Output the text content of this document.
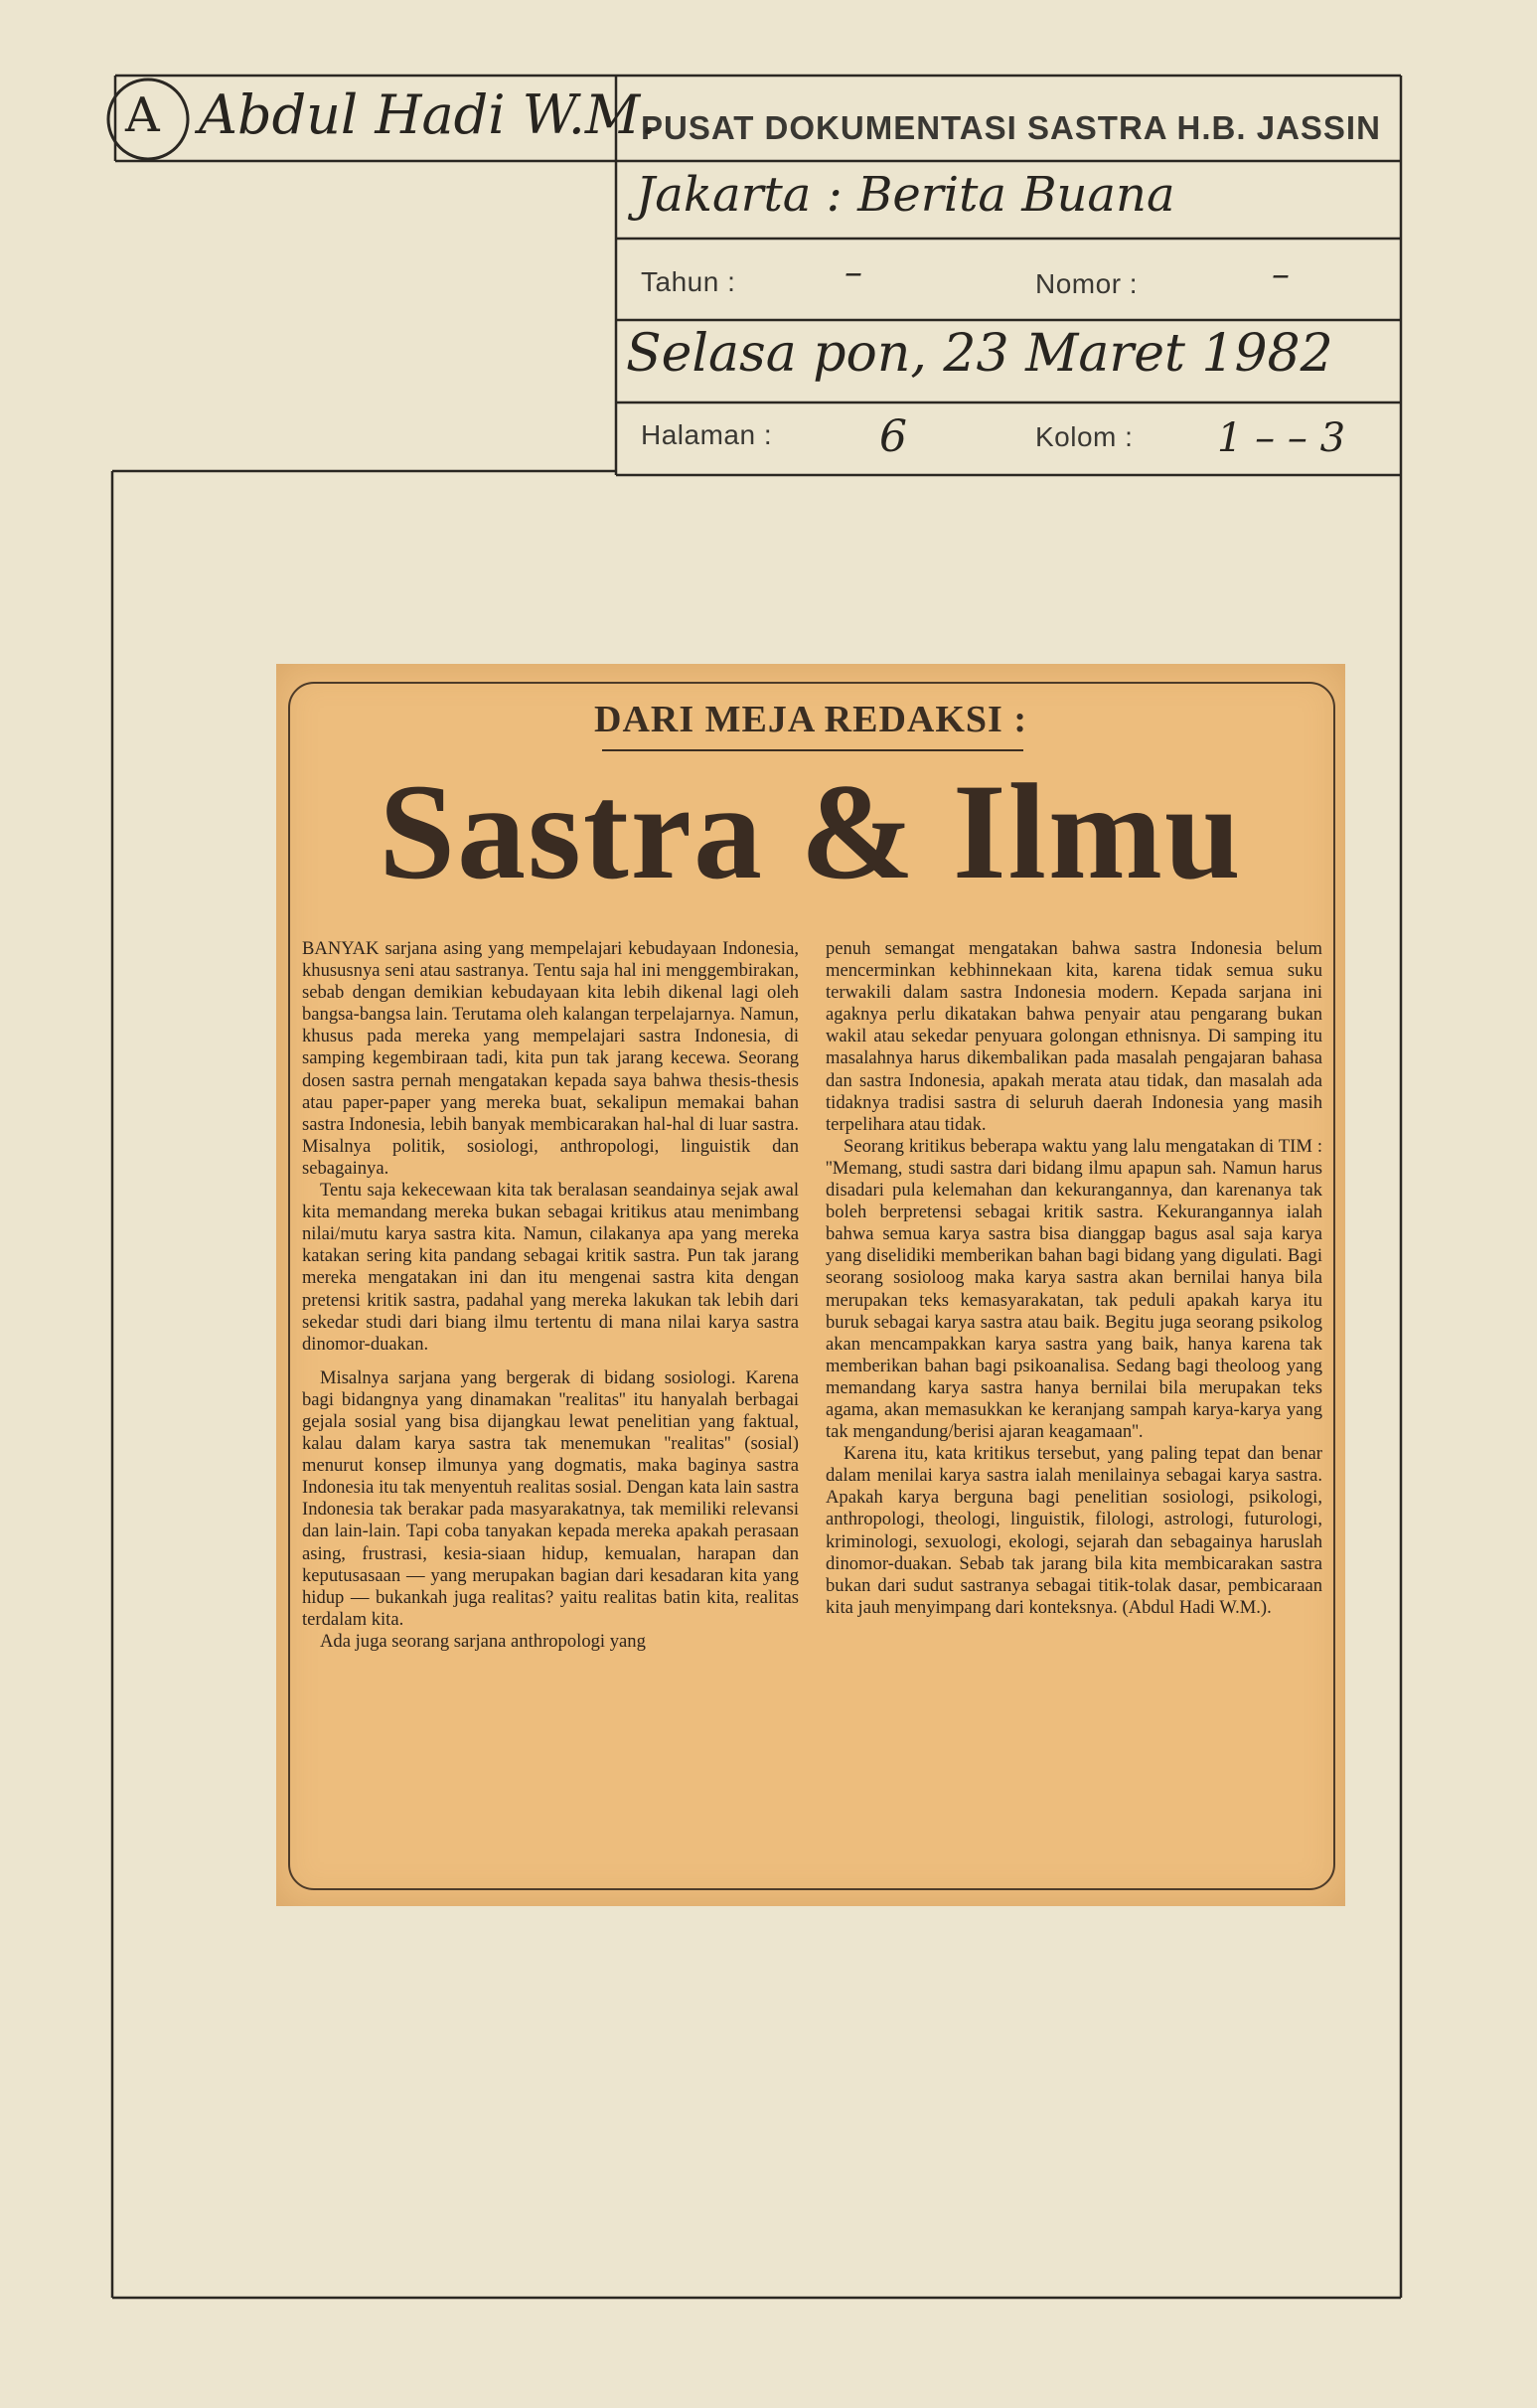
PUSAT DOKUMENTASI SASTRA H.B. JASSIN
A Abdul Hadi W.M.
Jakarta : Berita Buana
Tahun :	–	Nomor :	–
Selasa pon, 23 Maret 1982
Halaman : 6	Kolom : 1 – – 3
DARI MEJA REDAKSI :
Sastra & Ilmu

BANYAK sarjana asing yang mempelajari kebudayaan Indonesia, khususnya seni atau sastranya. Tentu saja hal ini menggembirakan, sebab dengan demikian kebudayaan kita lebih dikenal lagi oleh bangsa-bangsa lain. Terutama oleh kalangan terpelajarnya. Namun, khusus pada mereka yang mempelajari sastra Indonesia, di samping kegembiraan tadi, kita pun tak jarang kecewa. Seorang dosen sastra pernah mengatakan kepada saya bahwa thesis-thesis atau paper-paper yang mereka buat, sekalipun memakai bahan sastra Indonesia, lebih banyak membicarakan hal-hal di luar sastra. Misalnya politik, sosiologi, anthropologi, linguistik dan sebagainya.

Tentu saja kekecewaan kita tak beralasan seandainya sejak awal kita memandang mereka bukan sebagai kritikus atau menimbang nilai/mutu karya sastra kita. Namun, cilakanya apa yang mereka katakan sering kita pandang sebagai kritik sastra. Pun tak jarang mereka mengatakan ini dan itu mengenai sastra kita dengan pretensi kritik sastra, padahal yang mereka lakukan tak lebih dari sekedar studi dari biang ilmu tertentu di mana nilai karya sastra dinomor-duakan.

Misalnya sarjana yang bergerak di bidang sosiologi. Karena bagi bidangnya yang dinamakan ''realitas'' itu hanyalah berbagai gejala sosial yang bisa dijangkau lewat penelitian yang faktual, kalau dalam karya sastra tak menemukan ''realitas'' (sosial) menurut konsep ilmunya yang dogmatis, maka baginya sastra Indonesia itu tak menyentuh realitas sosial. Dengan kata lain sastra Indonesia tak berakar pada masyarakatnya, tak memiliki relevansi dan lain-lain. Tapi coba tanyakan kepada mereka apakah perasaan asing, frustrasi, kesia-siaan hidup, kemualan, harapan dan keputusasaan — yang merupakan bagian dari kesadaran kita yang hidup — bukankah juga realitas? yaitu realitas batin kita, realitas terdalam kita.

Ada juga seorang sarjana anthropologi yang

penuh semangat mengatakan bahwa sastra Indonesia belum mencerminkan kebhinnekaan kita, karena tidak semua suku terwakili dalam sastra Indonesia modern. Kepada sarjana ini agaknya perlu dikatakan bahwa penyair atau pengarang bukan wakil atau sekedar penyuara golongan ethnisnya. Di samping itu masalahnya harus dikembalikan pada masalah pengajaran bahasa dan sastra Indonesia, apakah merata atau tidak, dan masalah ada tidaknya tradisi sastra di seluruh daerah Indonesia yang masih terpelihara atau tidak.

Seorang kritikus beberapa waktu yang lalu mengatakan di TIM : ''Memang, studi sastra dari bidang ilmu apapun sah. Namun harus disadari pula kelemahan dan kekurangannya, dan karenanya tak boleh berpretensi sebagai kritik sastra. Kekurangannya ialah bahwa semua karya sastra bisa dianggap bagus asal saja karya yang diselidiki memberikan bahan bagi bidang yang digulati. Bagi seorang sosioloog maka karya sastra akan bernilai hanya bila merupakan teks kemasyarakatan, tak peduli apakah karya itu buruk sebagai karya sastra atau baik. Begitu juga seorang psikolog akan mencampakkan karya sastra yang baik, hanya karena tak memberikan bahan bagi psikoanalisa. Sedang bagi theoloog yang memandang karya sastra hanya bernilai bila merupakan teks agama, akan memasukkan ke keranjang sampah karya-karya yang tak mengandung/berisi ajaran keagamaan''.

Karena itu, kata kritikus tersebut, yang paling tepat dan benar dalam menilai karya sastra ialah menilainya sebagai karya sastra. Apakah karya berguna bagi penelitian sosiologi, psikologi, anthropologi, theologi, linguistik, filologi, astrologi, futurologi, kriminologi, sexuologi, ekologi, sejarah dan sebagainya haruslah dinomor-duakan. Sebab tak jarang bila kita membicarakan sastra bukan dari sudut sastranya sebagai titik-tolak dasar, pembicaraan kita jauh menyimpang dari konteksnya. (Abdul Hadi W.M.).
